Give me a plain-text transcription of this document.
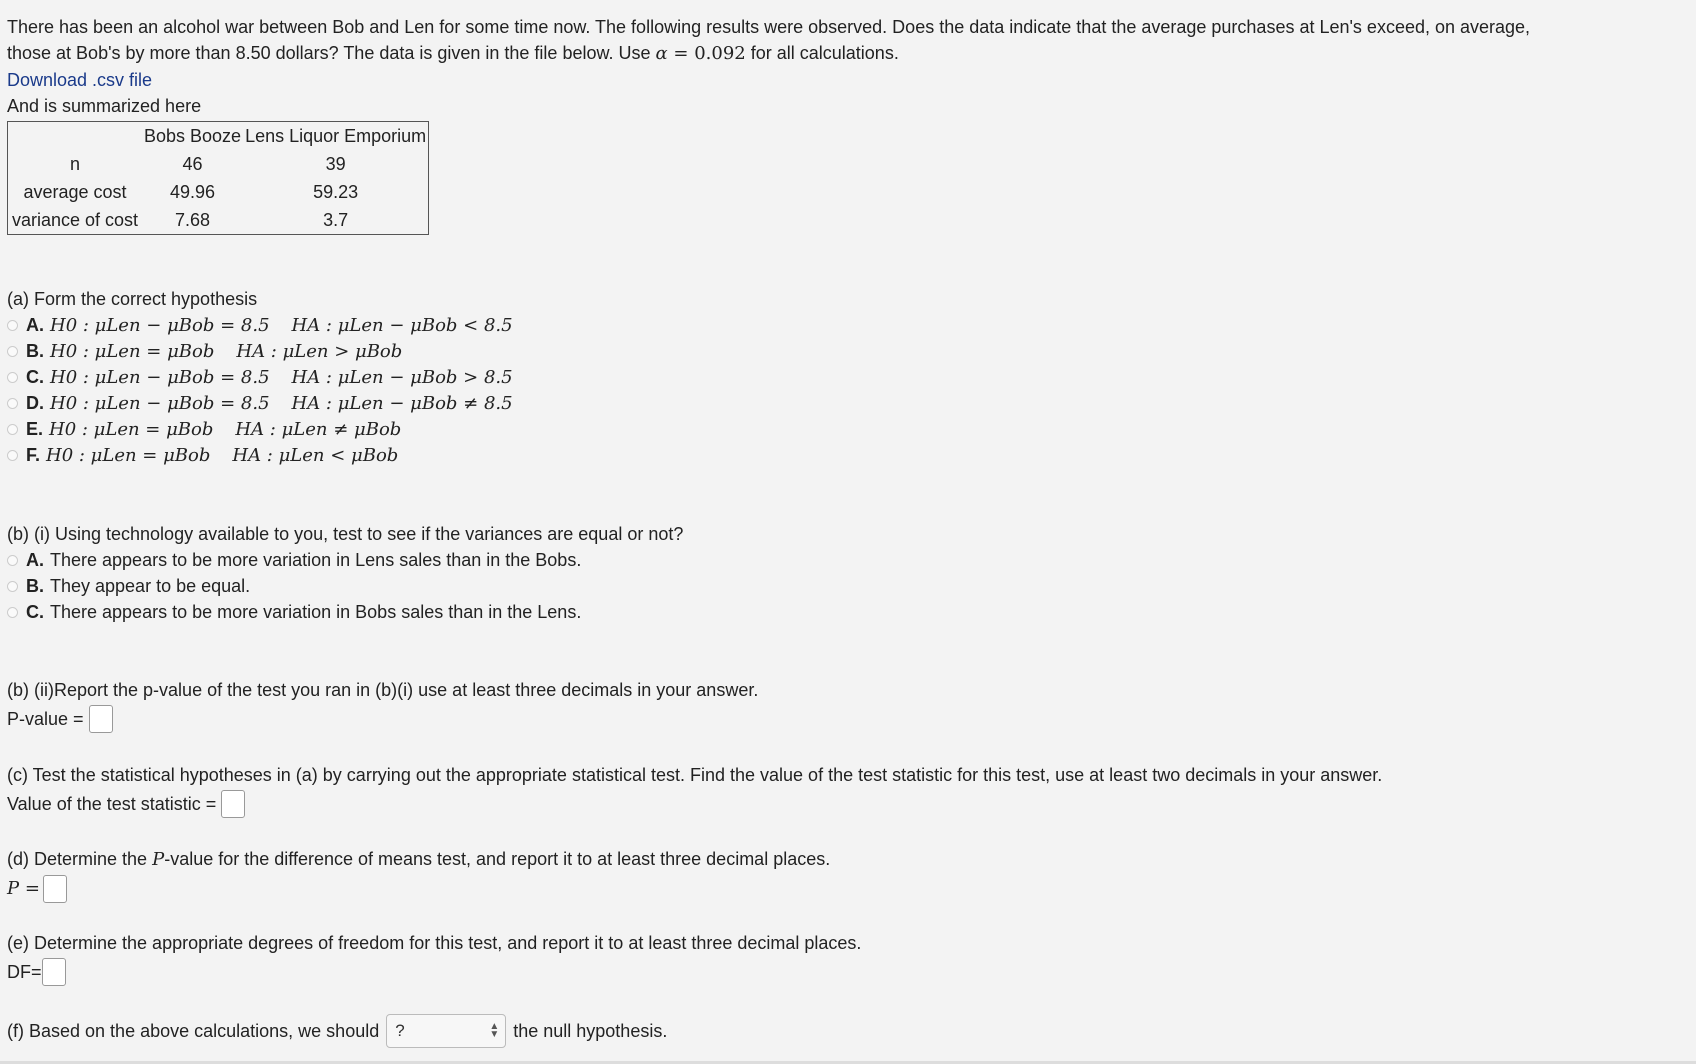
There has been an alcohol war between Bob and Len for some time now. The following results were observed. Does the data indicate that the average purchases at Len's exceed, on average,
those at Bob's by more than 8.50 dollars? The data is given in the file below. Use α = 0.092 for all calculations.
Download .csv file
And is summarized here
	Bobs Booze	Lens Liquor Emporium
n	46	39
average cost	49.96	59.23
variance of cost	7.68	3.7
(a) Form the correct hypothesis
A. H0 : μLen − μBob = 8.5 HA : μLen − μBob < 8.5
B. H0 : μLen = μBob HA : μLen > μBob
C. H0 : μLen − μBob = 8.5 HA : μLen − μBob > 8.5
D. H0 : μLen − μBob = 8.5 HA : μLen − μBob ≠ 8.5
E. H0 : μLen = μBob HA : μLen ≠ μBob
F. H0 : μLen = μBob HA : μLen < μBob
(b) (i) Using technology available to you, test to see if the variances are equal or not?
A. There appears to be more variation in Lens sales than in the Bobs.
B. They appear to be equal.
C. There appears to be more variation in Bobs sales than in the Lens.
(b) (ii)Report the p-value of the test you ran in (b)(i) use at least three decimals in your answer.
P-value =
(c) Test the statistical hypotheses in (a) by carrying out the appropriate statistical test. Find the value of the test statistic for this test, use at least two decimals in your answer.
Value of the test statistic =
(d) Determine the P-value for the difference of means test, and report it to at least three decimal places.
P =
(e) Determine the appropriate degrees of freedom for this test, and report it to at least three decimal places.
DF=
(f) Based on the above calculations, we should ?	▲
▼ the null hypothesis.
